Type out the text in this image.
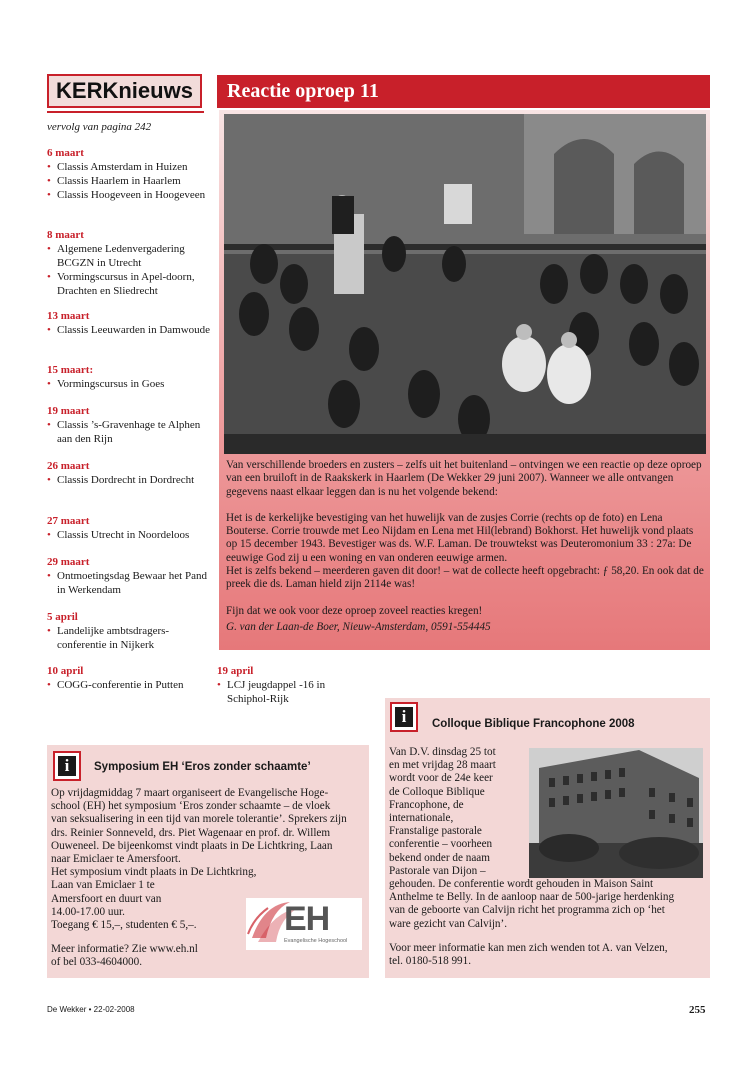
KERKnieuws	Reactie oproep 11
vervolg van pagina 242
6 maart
• Classis Amsterdam in Huizen
• Classis Haarlem in Haarlem
• Classis Hoogeveen in Hoogeveen
8 maart
• Algemene Ledenvergadering BCGZN in Utrecht
• Vormingscursus in Apel-doorn, Drachten en Sliedrecht
13 maart
• Classis Leeuwarden in Damwoude
15 maart:
• Vormingscursus in Goes
19 maart
• Classis ’s-Gravenhage te Alphen aan den Rijn
26 maart
• Classis Dordrecht in Dordrecht
27 maart
• Classis Utrecht in Noordeloos
29 maart
• Ontmoetingsdag Bewaar het Pand in Werkendam
5 april
• Landelijke ambtsdragers-conferentie in Nijkerk
10 april
• COGG-conferentie in Putten
19 april
• LCJ jeugdappel -16 in Schiphol-Rijk

Van verschillende broeders en zusters – zelfs uit het buitenland – ontvingen we een reactie op deze oproep van een bruiloft in de Raakskerk in Haarlem (De Wekker 29 juni 2007). Wanneer we alle ontvangen gegevens naast elkaar leggen dan is nu het volgende bekend:

Het is de kerkelijke bevestiging van het huwelijk van de zusjes Corrie (rechts op de foto) en Lena Bouterse. Corrie trouwde met Leo Nijdam en Lena met Hil(lebrand) Bokhorst. Het huwelijk vond plaats op 15 december 1943. Bevestiger was ds. W.F. Laman. De trouwtekst was Deuteromonium 33 : 27a: De eeuwige God zij u een woning en van onderen eeuwige armen.

Het is zelfs bekend – meerderen gaven dit door! – wat de collecte heeft opgebracht: ƒ 58,20. En ook dat de preek die ds. Laman hield zijn 2114e was!

Fijn dat we ook voor deze oproep zoveel reacties kregen!

G. van der Laan-de Boer, Nieuw-Amsterdam, 0591-554445

i	Colloque Biblique Francophone 2008
Van D.V. dinsdag 25 tot
en met vrijdag 28 maart
wordt voor de 24e keer
de Colloque Biblique
Francophone, de
internationale,
Franstalige pastorale
conferentie – voorheen
bekend onder de naam
Pastorale van Dijon –
gehouden. De conferentie wordt gehouden in Maison Saint
Anthelme te Belly. In de aanloop naar de 500-jarige herdenking
van de geboorte van Calvijn richt het programma zich op ‘het
ware gezicht van Calvijn’.
Voor meer informatie kan men zich wenden tot A. van Velzen,
tel. 0180-518 991.
i	Symposium EH ‘Eros zonder schaamte’
Op vrijdagmiddag 7 maart organiseert de Evangelische Hoge-
school (EH) het symposium ‘Eros zonder schaamte – de vloek
van seksualisering in een tijd van morele tolerantie’. Sprekers zijn
drs. Reinier Sonneveld, drs. Piet Wagenaar en prof. dr. Willem
Ouweneel. De bijeenkomst vindt plaats in De Lichtkring, Laan
naar Emiclaer te Amersfoort.
Het symposium vindt plaats in De Lichtkring,
Laan van Emiclaer 1 te
Amersfoort en duurt van
14.00-17.00 uur.
Toegang € 15,–, studenten € 5,–.
Meer informatie? Zie www.eh.nl
of bel 033-4604000.
EH
Evangelische Hogeschool
De Wekker • 22-02-2008	255
